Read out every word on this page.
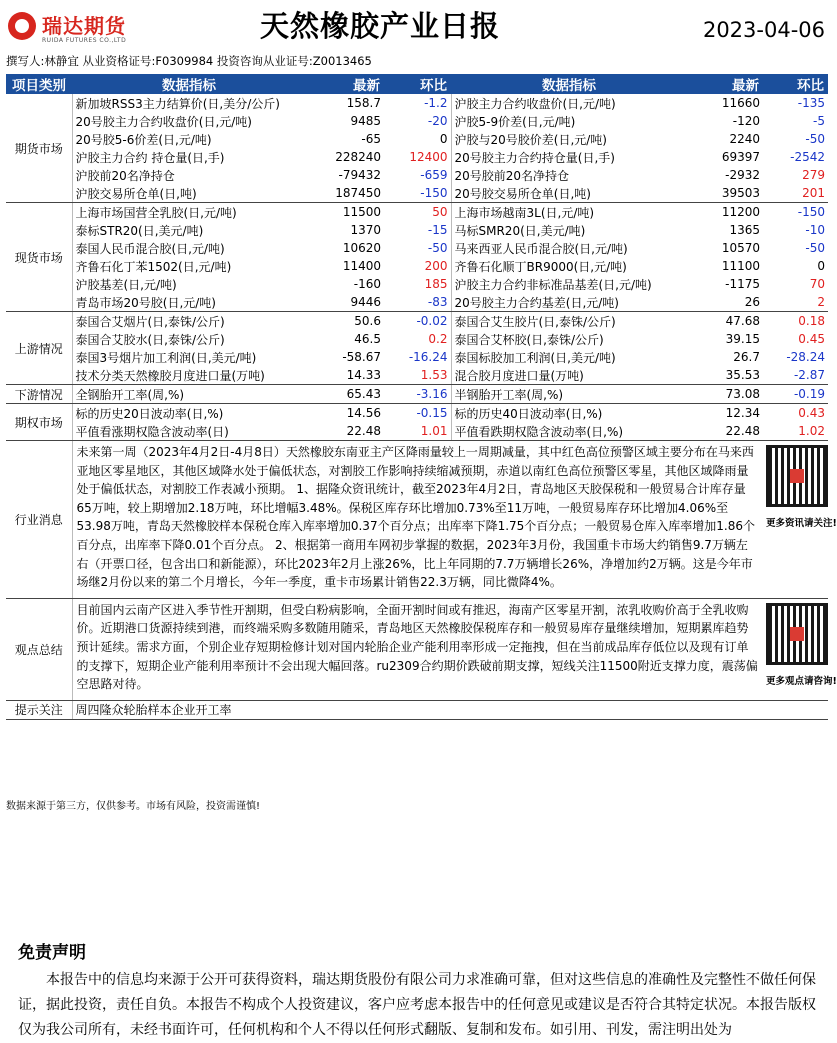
瑞达期货
RUIDA FUTURES CO.,LTD	天然橡胶产业日报	2023-04-06
撰写人:林静宜 从业资格证号:F0309984 投资咨询从业证号:Z0013465
项目类别	数据指标	最新	环比	数据指标	最新	环比
期货市场	新加坡RSS3主力结算价(日,美分/公斤)	158.7	-1.2	沪胶主力合约收盘价(日,元/吨)	11660	-135
	20号胶主力合约收盘价(日,元/吨)	9485	-20	沪胶5-9价差(日,元/吨)	-120	-5
	20号胶5-6价差(日,元/吨)	-65	0	沪胶与20号胶价差(日,元/吨)	2240	-50
	沪胶主力合约 持仓量(日,手)	228240	12400	20号胶主力合约持仓量(日,手)	69397	-2542
	沪胶前20名净持仓	-79432	-659	20号胶前20名净持仓	-2932	279
	沪胶交易所仓单(日,吨)	187450	-150	20号胶交易所仓单(日,吨)	39503	201
现货市场	上海市场国营全乳胶(日,元/吨)	11500	50	上海市场越南3L(日,元/吨)	11200	-150
	泰标STR20(日,美元/吨)	1370	-15	马标SMR20(日,美元/吨)	1365	-10
	泰国人民币混合胶(日,元/吨)	10620	-50	马来西亚人民币混合胶(日,元/吨)	10570	-50
	齐鲁石化丁苯1502(日,元/吨)	11400	200	齐鲁石化顺丁BR9000(日,元/吨)	11100	0
	沪胶基差(日,元/吨)	-160	185	沪胶主力合约非标准品基差(日,元/吨)	-1175	70
	青岛市场20号胶(日,元/吨)	9446	-83	20号胶主力合约基差(日,元/吨)	26	2
上游情况	泰国合艾烟片(日,泰铢/公斤)	50.6	-0.02	泰国合艾生胶片(日,泰铢/公斤)	47.68	0.18
	泰国合艾胶水(日,泰铢/公斤)	46.5	0.2	泰国合艾杯胶(日,泰铢/公斤)	39.15	0.45
	泰国3号烟片加工利润(日,美元/吨)	-58.67	-16.24	泰国标胶加工利润(日,美元/吨)	26.7	-28.24
	技术分类天然橡胶月度进口量(万吨)	14.33	1.53	混合胶月度进口量(万吨)	35.53	-2.87
下游情况	全钢胎开工率(周,%)	65.43	-3.16	半钢胎开工率(周,%)	73.08	-0.19
期权市场	标的历史20日波动率(日,%)	14.56	-0.15	标的历史40日波动率(日,%)	12.34	0.43
	平值看涨期权隐含波动率(日)	22.48	1.01	平值看跌期权隐含波动率(日,%)	22.48	1.02
行业消息	未来第一周（2023年4月2日-4月8日）天然橡胶东南亚主产区降雨量较上一周期减量，其中红色高位预警区域主要分布在马来西亚地区零星地区，其他区域降水处于偏低状态，对割胶工作影响持续缩减预期，赤道以南红色高位预警区零星，其他区域降雨量处于偏低状态，对割胶工作表减小预期。 1、据隆众资讯统计，截至2023年4月2日，青岛地区天胶保税和一般贸易合计库存量65万吨，较上期增加2.18万吨，环比增幅3.48%。保税区库存环比增加0.73%至11万吨，一般贸易库存环比增加4.06%至53.98万吨，青岛天然橡胶样本保税仓库入库率增加0.37个百分点；出库率下降1.75个百分点；一般贸易仓库入库率增加1.86个百分点，出库率下降0.01个百分点。 2、根据第一商用车网初步掌握的数据，2023年3月份，我国重卡市场大约销售9.7万辆左右（开票口径，包含出口和新能源），环比2023年2月上涨26%，比上年同期的7.7万辆增长26%，净增加约2万辆。这是今年市场继2月份以来的第二个月增长，今年一季度，重卡市场累计销售22.3万辆，同比微降4%。					更多资讯请关注!

观点总结	目前国内云南产区进入季节性开割期，但受白粉病影响，全面开割时间或有推迟，海南产区零星开割，浓乳收购价高于全乳收购价。近期港口货源持续到港，而终端采购多数随用随采，青岛地区天然橡胶保税库存和一般贸易库存量继续增加，短期累库趋势预计延续。需求方面，个别企业存短期检修计划对国内轮胎企业产能利用率形成一定拖拽，但在当前成品库存低位以及现有订单的支撑下，短期企业产能利用率预计不会出现大幅回落。ru2309合约期价跌破前期支撑，短线关注11500附近支撑力度，震荡偏空思路对待。					更多观点请咨询!

提示关注	周四隆众轮胎样本企业开工率					
数据来源于第三方，仅供参考。市场有风险，投资需谨慎!
免责声明
本报告中的信息均来源于公开可获得资料，瑞达期货股份有限公司力求准确可靠，但对这些信息的准确性及完整性不做任何保证，据此投资，责任自负。本报告不构成个人投资建议，客户应考虑本报告中的任何意见或建议是否符合其特定状况。本报告版权仅为我公司所有，未经书面许可，任何机构和个人不得以任何形式翻版、复制和发布。如引用、刊发，需注明出处为
